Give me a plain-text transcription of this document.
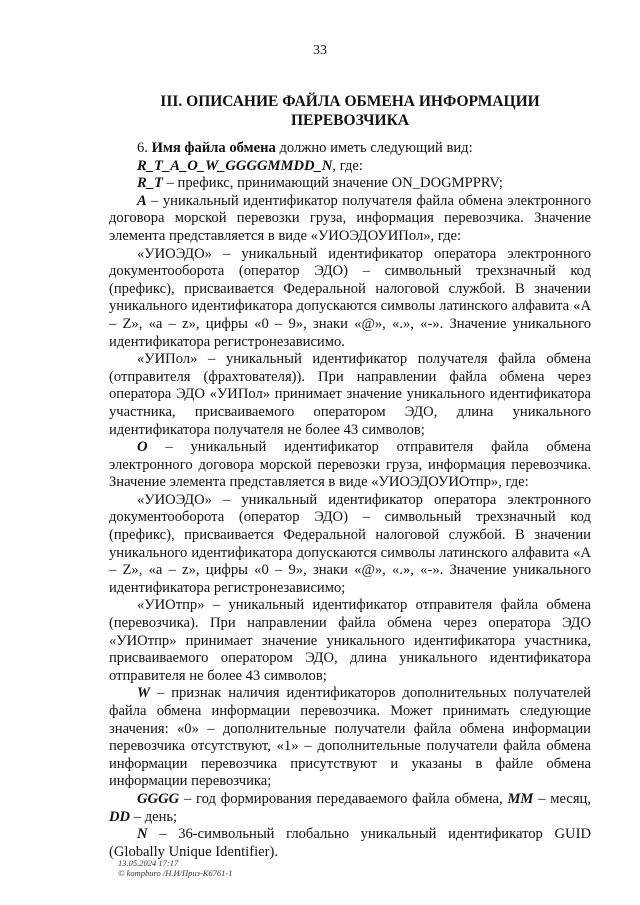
33
III. ОПИСАНИЕ ФАЙЛА ОБМЕНА ИНФОРМАЦИИ
ПЕРЕВОЗЧИКА

6. Имя файла обмена должно иметь следующий вид:

R_T_A_O_W_GGGGMMDD_N, где:

R_T – префикс, принимающий значение ON_DOGMPPRV;

A – уникальный идентификатор получателя файла обмена электронного договора морской перевозки груза, информация перевозчика. Значение элемента представляется в виде «УИОЭДОУИПол», где:

«УИОЭДО» – уникальный идентификатор оператора электронного документооборота (оператор ЭДО) – символьный трехзначный код (префикс), присваивается Федеральной налоговой службой. В значении уникального идентификатора допускаются символы латинского алфавита «A – Z», «a – z», цифры «0 – 9», знаки «@», «.», «-». Значение уникального идентификатора регистронезависимо.

«УИПол» – уникальный идентификатор получателя файла обмена (отправителя (фрахтователя)). При направлении файла обмена через оператора ЭДО «УИПол» принимает значение уникального идентификатора участника, присваиваемого оператором ЭДО, длина уникального идентификатора получателя не более 43 символов;

O – уникальный идентификатор отправителя файла обмена электронного договора морской перевозки груза, информация перевозчика. Значение элемента представляется в виде «УИОЭДОУИОтпр», где:

«УИОЭДО» – уникальный идентификатор оператора электронного документооборота (оператор ЭДО) – символьный трехзначный код (префикс), присваивается Федеральной налоговой службой. В значении уникального идентификатора допускаются символы латинского алфавита «A – Z», «a – z», цифры «0 – 9», знаки «@», «.», «-». Значение уникального идентификатора регистронезависимо;

«УИОтпр» – уникальный идентификатор отправителя файла обмена (перевозчика). При направлении файла обмена через оператора ЭДО «УИОтпр» принимает значение уникального идентификатора участника, присваиваемого оператором ЭДО, длина уникального идентификатора отправителя не более 43 символов;

W – признак наличия идентификаторов дополнительных получателей файла обмена информации перевозчика. Может принимать следующие значения: «0» – дополнительные получатели файла обмена информации перевозчика отсутствуют, «1» – дополнительные получатели файла обмена информации перевозчика присутствуют и указаны в файле обмена информации перевозчика;

GGGG – год формирования передаваемого файла обмена, MM – месяц, DD – день;

N – 36-символьный глобально уникальный идентификатор GUID (Globally Unique Identifier).

13.05.2024 17:17
© kompburo /Н.И/Приз-К6761-1
